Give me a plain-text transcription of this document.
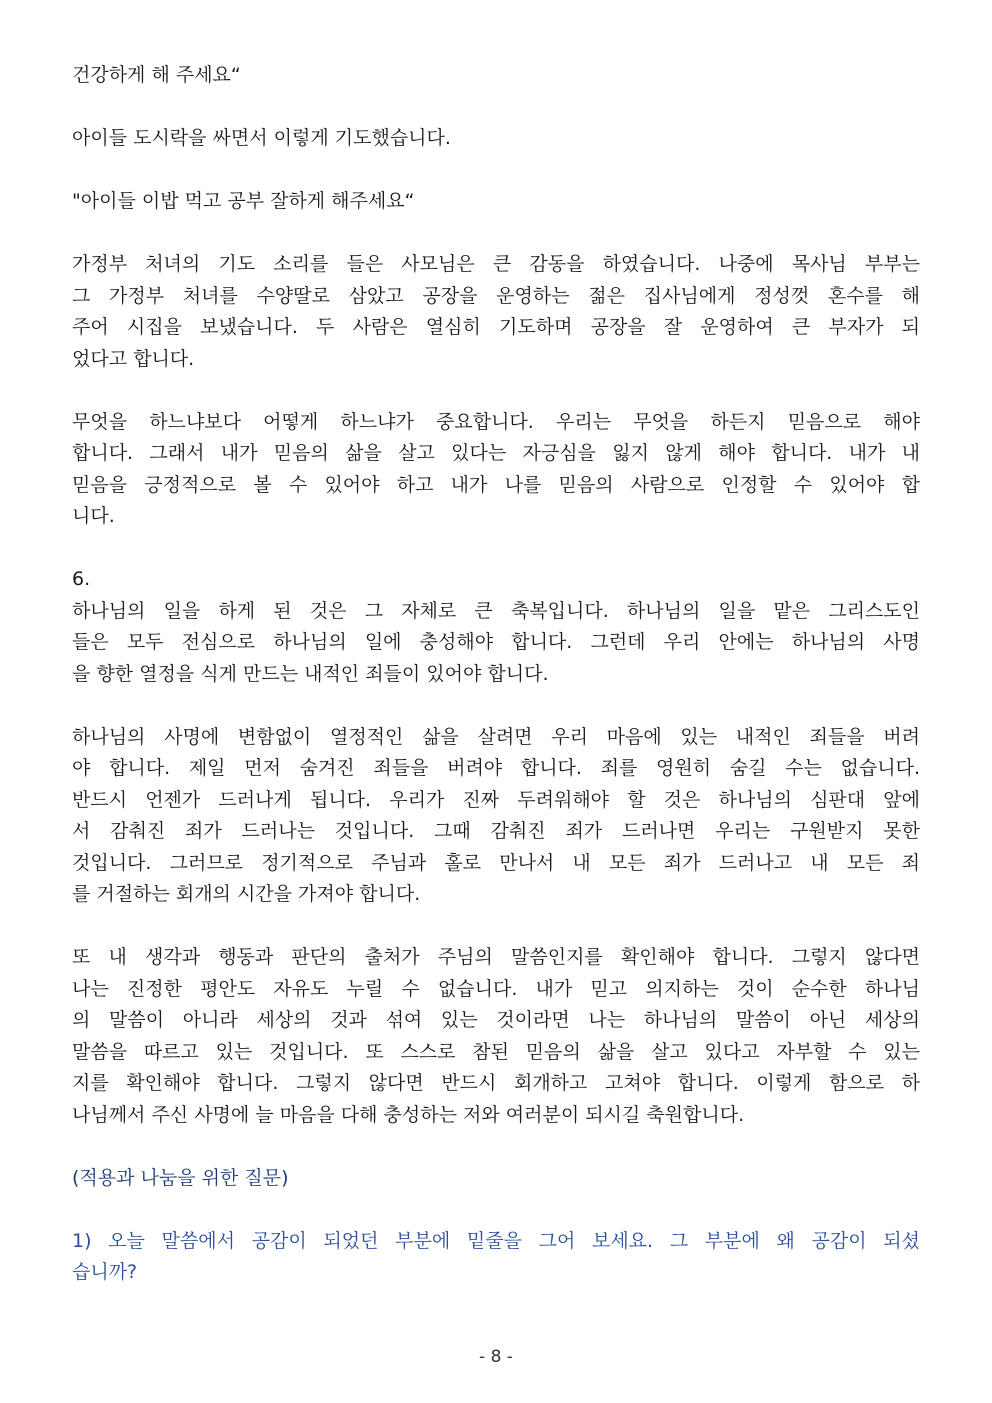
건강하게 해 주세요“

아이들 도시락을 싸면서 이렇게 기도했습니다.

"아이들 이밥 먹고 공부 잘하게 해주세요“

가정부 처녀의 기도 소리를 들은 사모님은 큰 감동을 하였습니다. 나중에 목사님 부부는

그 가정부 처녀를 수양딸로 삼았고 공장을 운영하는 젊은 집사님에게 정성껏 혼수를 해

주어 시집을 보냈습니다. 두 사람은 열심히 기도하며 공장을 잘 운영하여 큰 부자가 되

었다고 합니다.

무엇을 하느냐보다 어떻게 하느냐가 중요합니다. 우리는 무엇을 하든지 믿음으로 해야

합니다. 그래서 내가 믿음의 삶을 살고 있다는 자긍심을 잃지 않게 해야 합니다. 내가 내

믿음을 긍정적으로 볼 수 있어야 하고 내가 나를 믿음의 사람으로 인정할 수 있어야 합

니다.

6.

하나님의 일을 하게 된 것은 그 자체로 큰 축복입니다. 하나님의 일을 맡은 그리스도인

들은 모두 전심으로 하나님의 일에 충성해야 합니다. 그런데 우리 안에는 하나님의 사명

을 향한 열정을 식게 만드는 내적인 죄들이 있어야 합니다.

하나님의 사명에 변함없이 열정적인 삶을 살려면 우리 마음에 있는 내적인 죄들을 버려

야 합니다. 제일 먼저 숨겨진 죄들을 버려야 합니다. 죄를 영원히 숨길 수는 없습니다.

반드시 언젠가 드러나게 됩니다. 우리가 진짜 두려워해야 할 것은 하나님의 심판대 앞에

서 감춰진 죄가 드러나는 것입니다. 그때 감춰진 죄가 드러나면 우리는 구원받지 못한

것입니다. 그러므로 정기적으로 주님과 홀로 만나서 내 모든 죄가 드러나고 내 모든 죄

를 거절하는 회개의 시간을 가져야 합니다.

또 내 생각과 행동과 판단의 출처가 주님의 말씀인지를 확인해야 합니다. 그렇지 않다면

나는 진정한 평안도 자유도 누릴 수 없습니다. 내가 믿고 의지하는 것이 순수한 하나님

의 말씀이 아니라 세상의 것과 섞여 있는 것이라면 나는 하나님의 말씀이 아닌 세상의

말씀을 따르고 있는 것입니다. 또 스스로 참된 믿음의 삶을 살고 있다고 자부할 수 있는

지를 확인해야 합니다. 그렇지 않다면 반드시 회개하고 고쳐야 합니다. 이렇게 함으로 하

나님께서 주신 사명에 늘 마음을 다해 충성하는 저와 여러분이 되시길 축원합니다.

(적용과 나눔을 위한 질문)

1) 오늘 말씀에서 공감이 되었던 부분에 밑줄을 그어 보세요. 그 부분에 왜 공감이 되셨

습니까?

- 8 -
